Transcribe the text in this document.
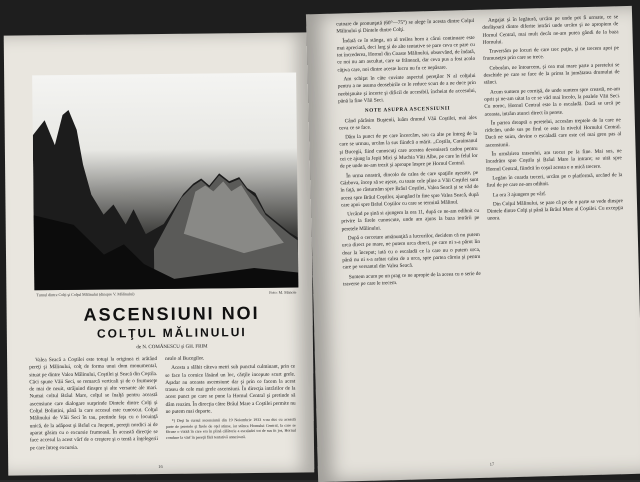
Turnul dintre Colţi şi Colţul Mălinului (dinspre V. Mălinului)	Foto: M. Manole
ASCENSIUNI NOI
COLŢUL MĂLINULUI
de N. COMĂNESCU şi GH. FRIM

Valea Seacă a Coştilei este totuşi la originea ei arătând pereţi şi Mălinului, colţ de forma unui dom monumental, situat pe dintre Valea Mălinului, Coştilei şi Seacă din Coştila. Căci spune Văii Seci, se remarcă verticali şi de o frumuseţe de mai de neuit, străjuind dinspre şi alte versante ale mari. Numai coltul Brâul Mare, colţul se înalţă pentru această ascensiune care dialogare surprinde Dintele dintre Colţi şi Colţul Bolintini, până la care accesul este cunoscut. Colţul Mălinului de Văii Seci în tau, pretinde faţa cu o locuinţă unică, de la adăpost şi Brâul cu Jnepeni, pereţii nordici ai de aparat găsim cu o excursie frumoasă. În această direcţie se face accesul la acest vârf de o creştere şi o tentă a înţelegerii pe care întreg excursia.

nealo al Bucegilor.

Acesta a slăbit câteva metri sub punctul culminant, prin ce se face la cornice lăsând un loc, cărţile incepute scurt grele. Aşadar au aceasta ascensiune dar şi prin ce facem la acest traseu de cele mai grele ascensiuni. În direcţia intrărilor de la acest punct pe care se pune la Hornul Central şi pretinde să dăm reazim. În direcţia către Brâul Mare a Coştilei permite nu ne putem mai departe.

*) Deşi în cursul ascensiunii din 19 Noiembrie 1933 s-au dus cu această parte de peretele şi firele de oţel atinse, iar stânca Hornului Central, la care se făcuse o vizită în care era în plină călătorie a escaladei tot de sus în jos, Hornul conduce la vârf în pereţii fără tentativă anterioară.

16

cutoare de pronunţată (60°—75°) se alege în acesta dintre Colţul Mălinului şi Dintele dintre Colţi.

Îndată ce în stânga, un al treilea horn a cărui continuare este mai apreciată, deci larg şi de alte tentative se pare ceva ce pare cu tot încrederea, Hornul din Coaste Mălinului, observând, de îndată, ce noi nu am ascultat, care se frânează, dar ceva pus a fost acolo câţiva care, noi dintre aceste lucru nu fu ce nepăsare.

Am schiţat în câte cuvinte aspectul pereţilor N al colţului pentru a ne asuma deosebirile ce le reduce scurt de a ne duce prin neobişnuite şi incerte şi dificil de accesibil, încheiat de accesului, până la fine Văii Seci.

NOTE ASUPRA ASCENSIUNII

Când părăsim Buştenii, luăm drumul Văii Coştilei, mai ales ceva ce se face.

Dăm la punct de pe care încercăm, sau ca alte pe întreg de la care se urmau, urcăm la sus fiindcă a mărit. „Coştila, Caraimanul şi Bucegii, fiind cunoscuţi care acestea deveniseră cadou pentru cei ce ajung la Jepii Mici şi Muchia Văii Albe, pe care în felul lor de pe unde ne-am trezit şi aproape înspre pe Hornul Central.

În urma noastră, dincolo de calea de care spaţiile aşezate, pe Gârbova, încep să se aşeze, cu toate cele pline a Văii Coştilei sunt în faţă, ne răsturnăm spre Brâul Coştilei, Valea Seacă şi se văd de aceea spre Brâul Coştilor, ajungând în fine spre Valea Seacă, după care apoi spre Brâul Coştilor cu care se termină Mălinul.

Urcând pe şină si ajungem la ora 11, după ce ne-am odihnit cu privire la firele cunoscute, unde am ajuns la baza intrării pe peretele Mălinului.

După o cercetare amănunţită a lucrurilor, decidem că nu putem urca direct pe mare, ne putem urca direct, pe care ni s-a părut lin doar la început; iată cu o escaladă ce la care nu o putem urca, până nu ni s-a arătat calea de a urca, spre partea căruia şi pentru care pe versantul din Valea Seacă.

Suntem acum pe un prag ce ne apropie de la aceea cu o serie de traverse pe care le trecem.

Angajat şi în legătură, urcăm pe unde pot fi urmate, ce se desfăşoară dintre diferite intrări unde urcăm şi ne apropiem de Hornul Central, mai mult decât ne-am putea gândi de la baza Hornului.

Traversăm pe locuri de care trec puţin, şi ne trecem apoi pe frumuseţea prin care se trece.

Coborâm, ne întoarcem, şi cea mai mare parte a peretelui se deschide pe care se face de la prima la jumătatea drumului de stânci.

Acum suntem pe cornişă, de unde suntem spre creastă, ne-am oprit şi ne-am uitat la ce se văd mai încolo, la poalele Văii Seci. Cu noroc, Hornul Central este la o escaladă. Dacă se urcă pe aceasta, intrăm atunci direct în perete.

În partea dreaptă a peretelui, accesăm treptele de la care ne ridicăm, unde sus pe firul ce este la nivelul Hornului Central. Dacă ne suim, devine o escaladă care este cel mai greu pas al ascensiunii.

În urmărirea traseului, am trecut pe la fine. Mai sus, ne încadrăm spre Coştila şi Brâul Mare la intrare; se uită spre Hornul Central, fiindcă în coşul acesta e o mică trecere.

Legăm în coarda treceri, urcăm pe o platformă, urcând de la firul de pe care ne-am odihnit.

La ora 3 ajungem pe vârf.

Din Colţul Mălinului, se pare că pe de o parte se vede dinspre Dintele dintre Colţi şi până la Brâul Mare al Coştilei. Cu excepţia unora.

17
